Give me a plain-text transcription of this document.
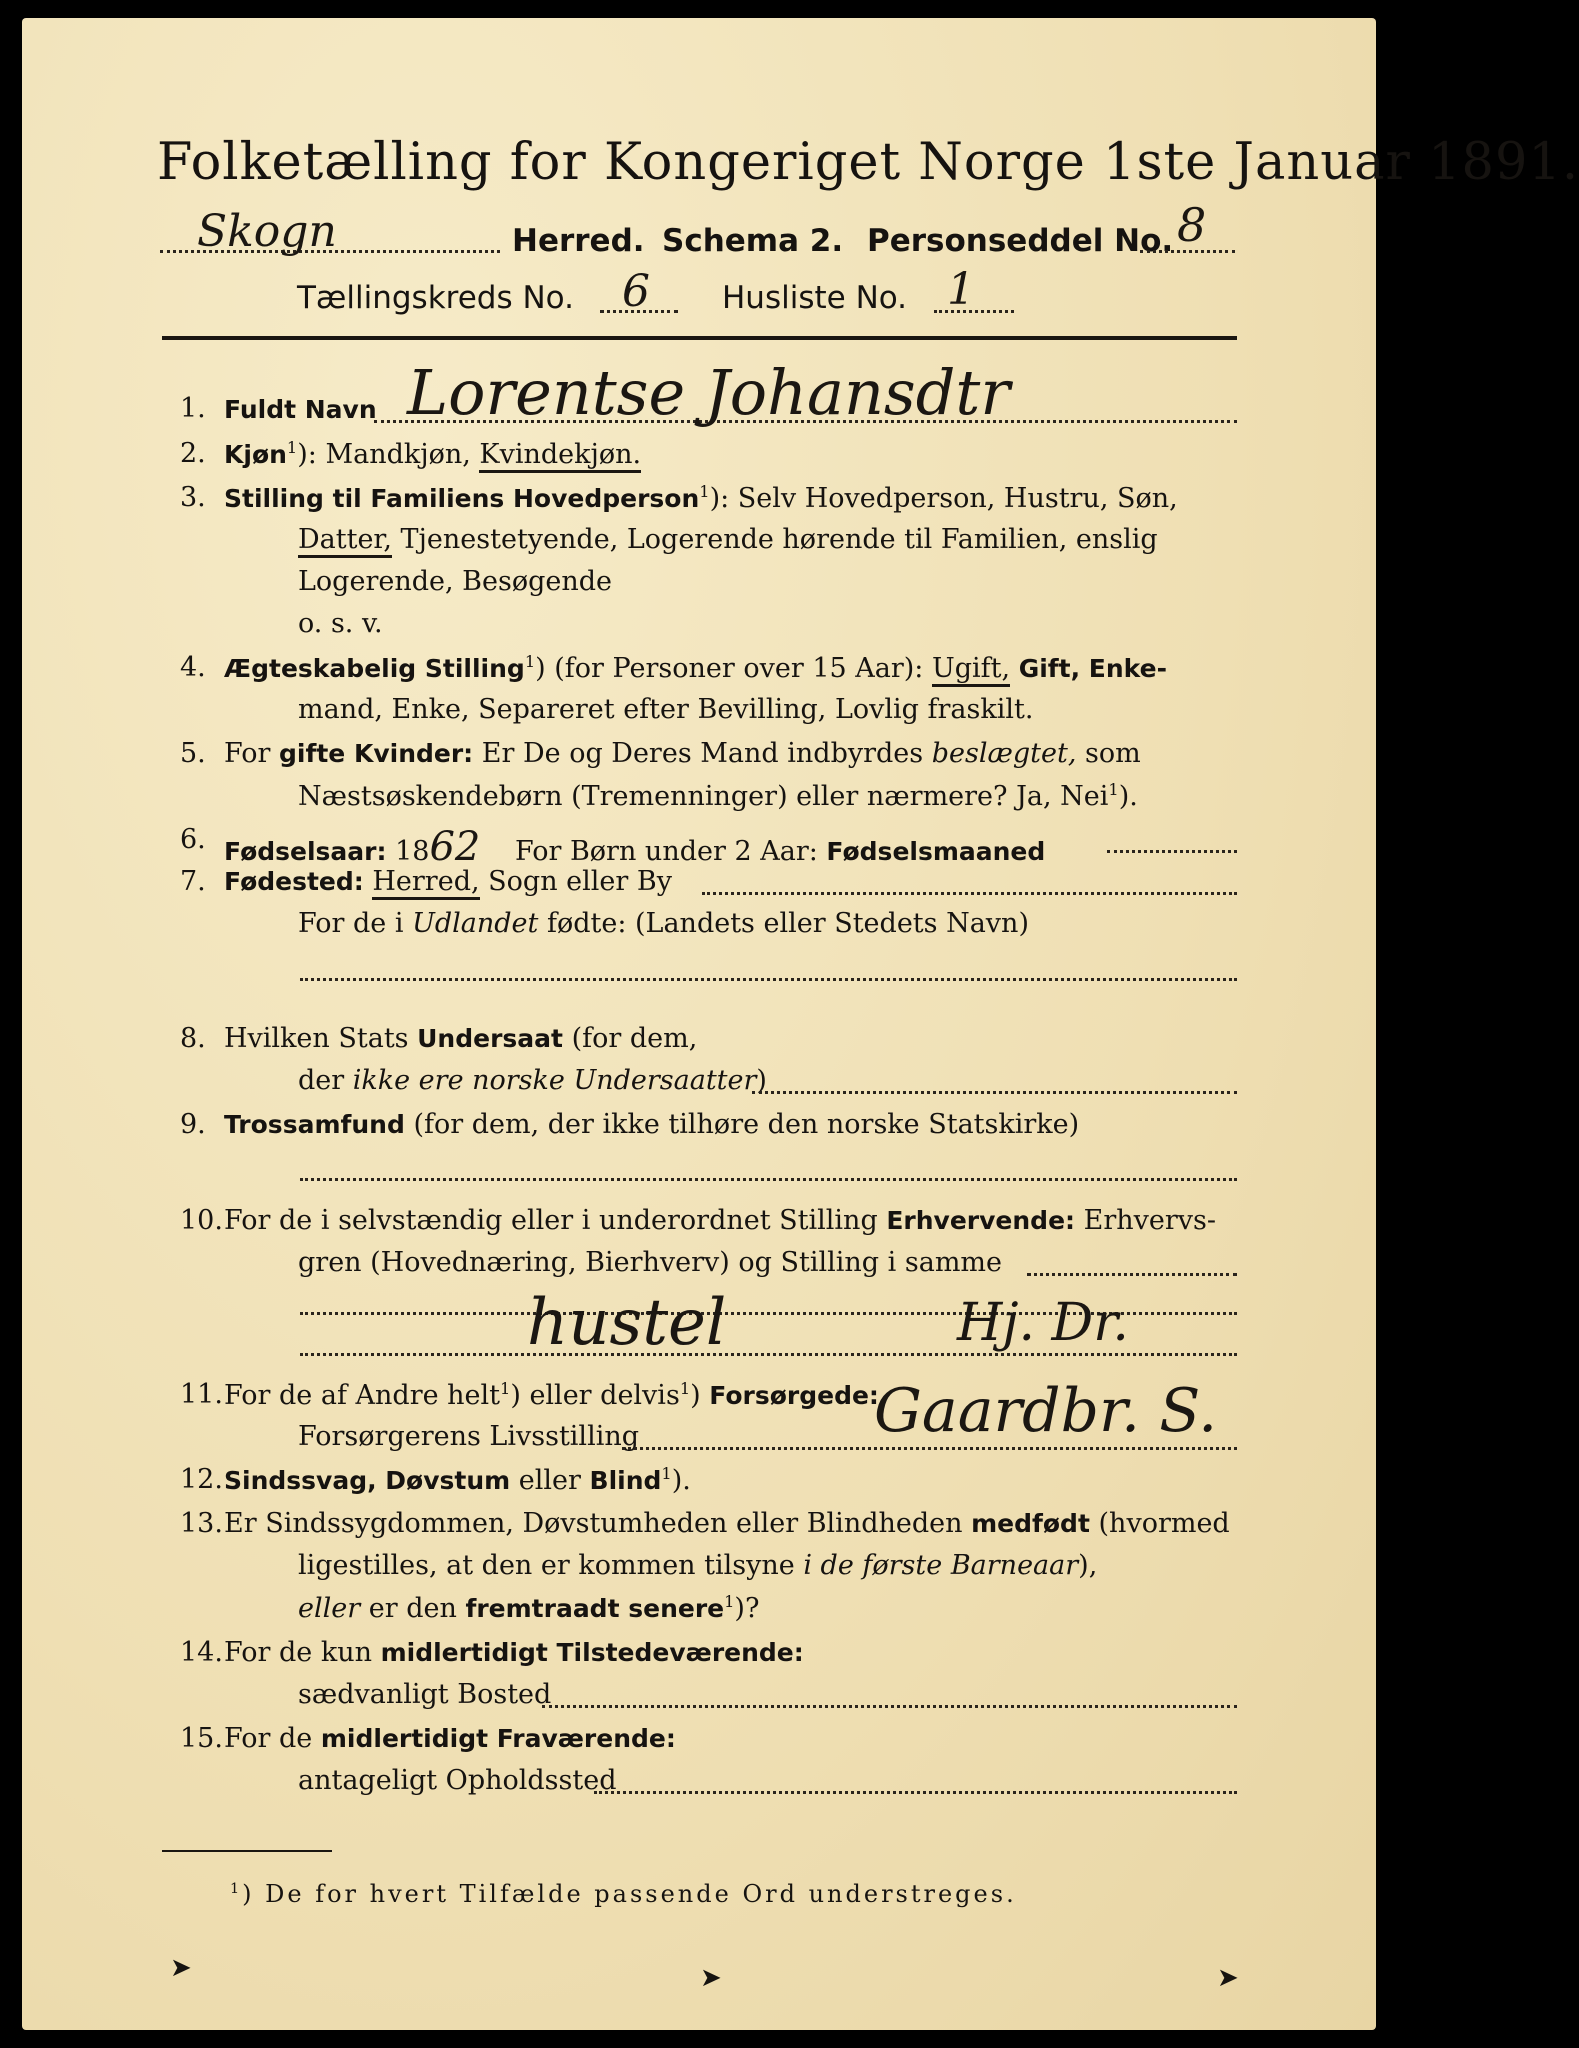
Folketælling for Kongeriget Norge 1ste Januar 1891.
Skogn	Herred. Schema 2. Personseddel No. 8
Tællingskreds No. 6 Husliste No. 1
1. Fuldt Navn Lorentse Johansdtr
2. Kjøn$^1$): Mandkjøn, Kvindekjøn.
3. Stilling til Familiens Hovedperson$^1$): Selv Hovedperson, Hustru, Søn,
Datter, Tjenestetyende, Logerende hørende til Familien, enslig
Logerende, Besøgende
o. s. v.
4. Ægteskabelig Stilling$^1$) (for Personer over 15 Aar): Ugift, Gift, Enke-
mand, Enke, Separeret efter Bevilling, Lovlig fraskilt.
5. For gifte Kvinder: Er De og Deres Mand indbyrdes beslægtet, som
Næstsøskendebørn (Tremenninger) eller nærmere? Ja, Nei$^1$).
6. Fødselsaar: 1862 For Børn under 2 Aar: Fødselsmaaned
7. Fødested: Herred, Sogn eller By
For de i Udlandet fødte: (Landets eller Stedets Navn)
8. Hvilken Stats Undersaat (for dem,
der ikke ere norske Undersaatter)
9. Trossamfund (for dem, der ikke tilhøre den norske Statskirke)
10. For de i selvstændig eller i underordnet Stilling Erhvervende: Erhvervs-
gren (Hovednæring, Bierhverv) og Stilling i samme
hustel	Hj. Dr.
11. For de af Andre helt$^1$) eller delvis$^1$) Forsørgede:
Forsørgerens Livsstilling	Gaardbr. S.
12. Sindssvag, Døvstum eller Blind$^1$).
13. Er Sindssygdommen, Døvstumheden eller Blindheden medfødt (hvormed
ligestilles, at den er kommen tilsyne i de første Barneaar),
eller er den fremtraadt senere$^1$)?
14. For de kun midlertidigt Tilstedeværende:
sædvanligt Bosted
15. For de midlertidigt Fraværende:
antageligt Opholdssted
$^1$) De for hvert Tilfælde passende Ord understreges.
➤	➤	➤
